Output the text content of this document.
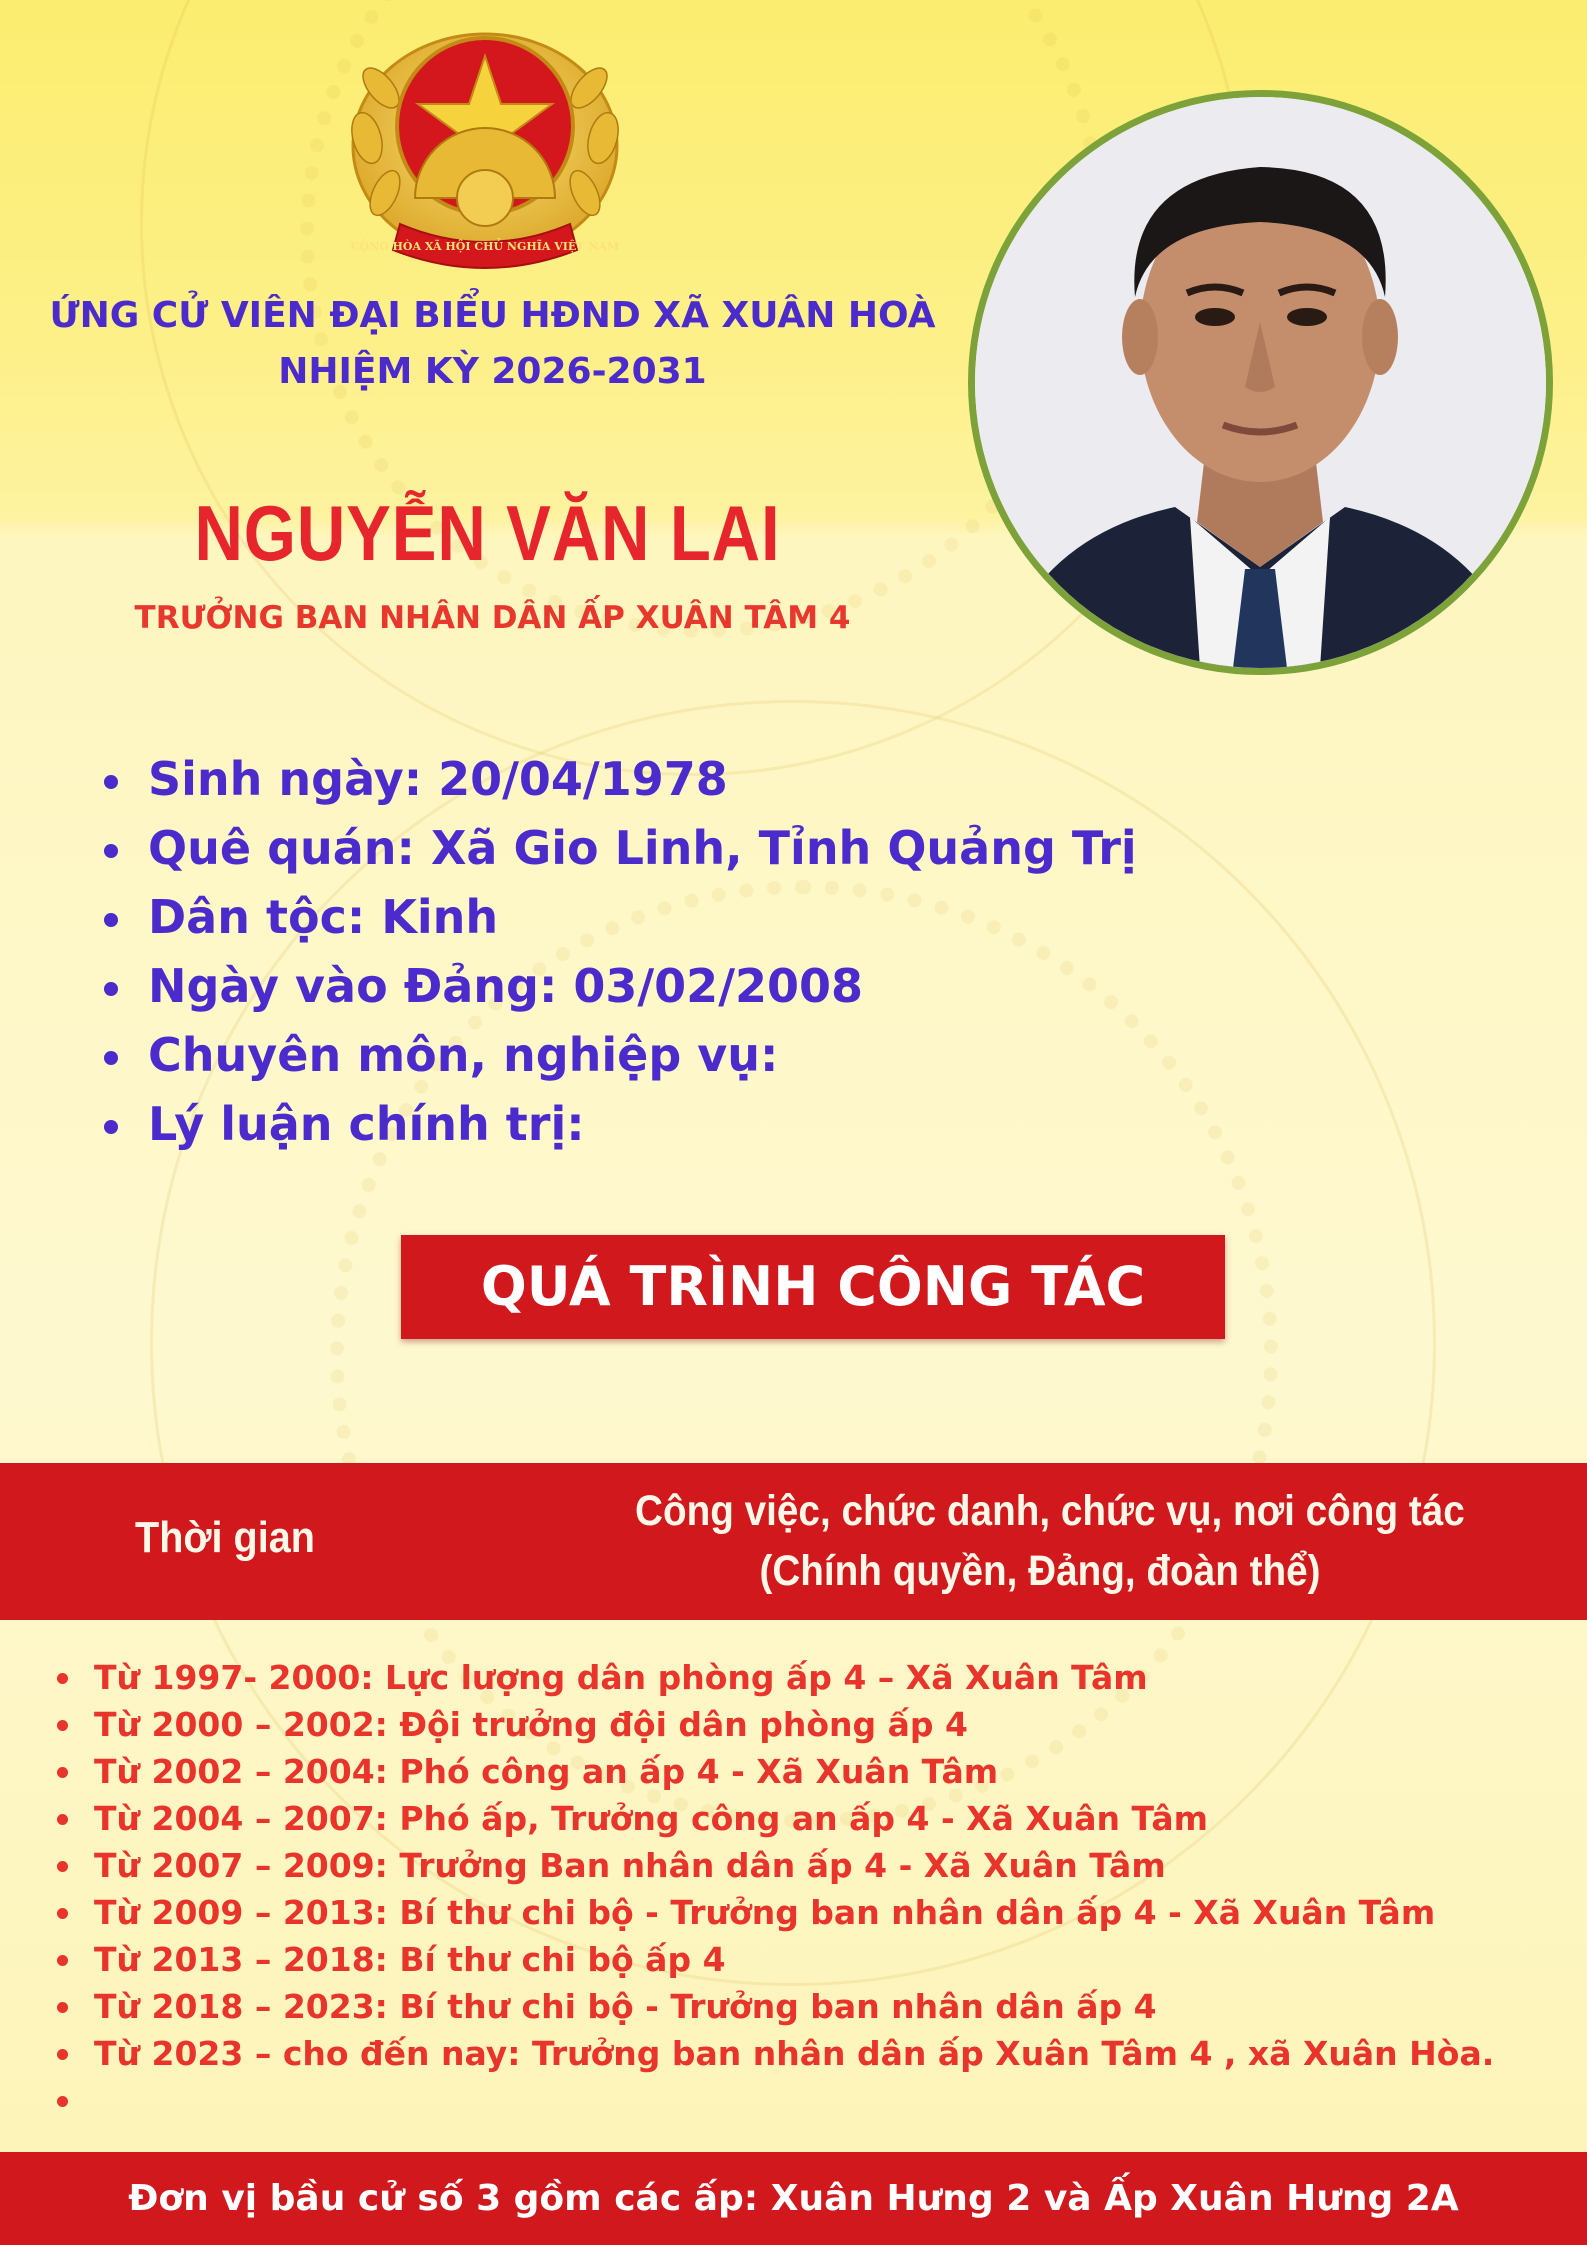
CỘNG HÒA XÃ HỘI CHỦ NGHĨA VIỆT NAM
ỨNG CỬ VIÊN ĐẠI BIỂU HĐND XÃ XUÂN HOÀ
NHIỆM KỲ 2026-2031
NGUYỄN VĂN LAI
TRƯỞNG BAN NHÂN DÂN ẤP XUÂN TÂM 4
Sinh ngày: 20/04/1978
Quê quán: Xã Gio Linh, Tỉnh Quảng Trị
Dân tộc: Kinh
Ngày vào Đảng: 03/02/2008
Chuyên môn, nghiệp vụ:
Lý luận chính trị:
QUÁ TRÌNH CÔNG TÁC
Thời gian
Công việc, chức danh, chức vụ, nơi công tác
(Chính quyền, Đảng, đoàn thể)
Từ 1997- 2000: Lực lượng dân phòng ấp 4 – Xã Xuân Tâm
Từ 2000 – 2002: Đội trưởng đội dân phòng ấp 4
Từ 2002 – 2004: Phó công an ấp 4 - Xã Xuân Tâm
Từ 2004 – 2007: Phó ấp, Trưởng công an ấp 4 - Xã Xuân Tâm
Từ 2007 – 2009: Trưởng Ban nhân dân ấp 4 - Xã Xuân Tâm
Từ 2009 – 2013: Bí thư chi bộ - Trưởng ban nhân dân ấp 4 - Xã Xuân Tâm
Từ 2013 – 2018: Bí thư chi bộ ấp 4
Từ 2018 – 2023: Bí thư chi bộ - Trưởng ban nhân dân ấp 4
Từ 2023 – cho đến nay: Trưởng ban nhân dân ấp Xuân Tâm 4 , xã Xuân Hòa.
Đơn vị bầu cử số 3 gồm các ấp: Xuân Hưng 2 và Ấp Xuân Hưng 2A
